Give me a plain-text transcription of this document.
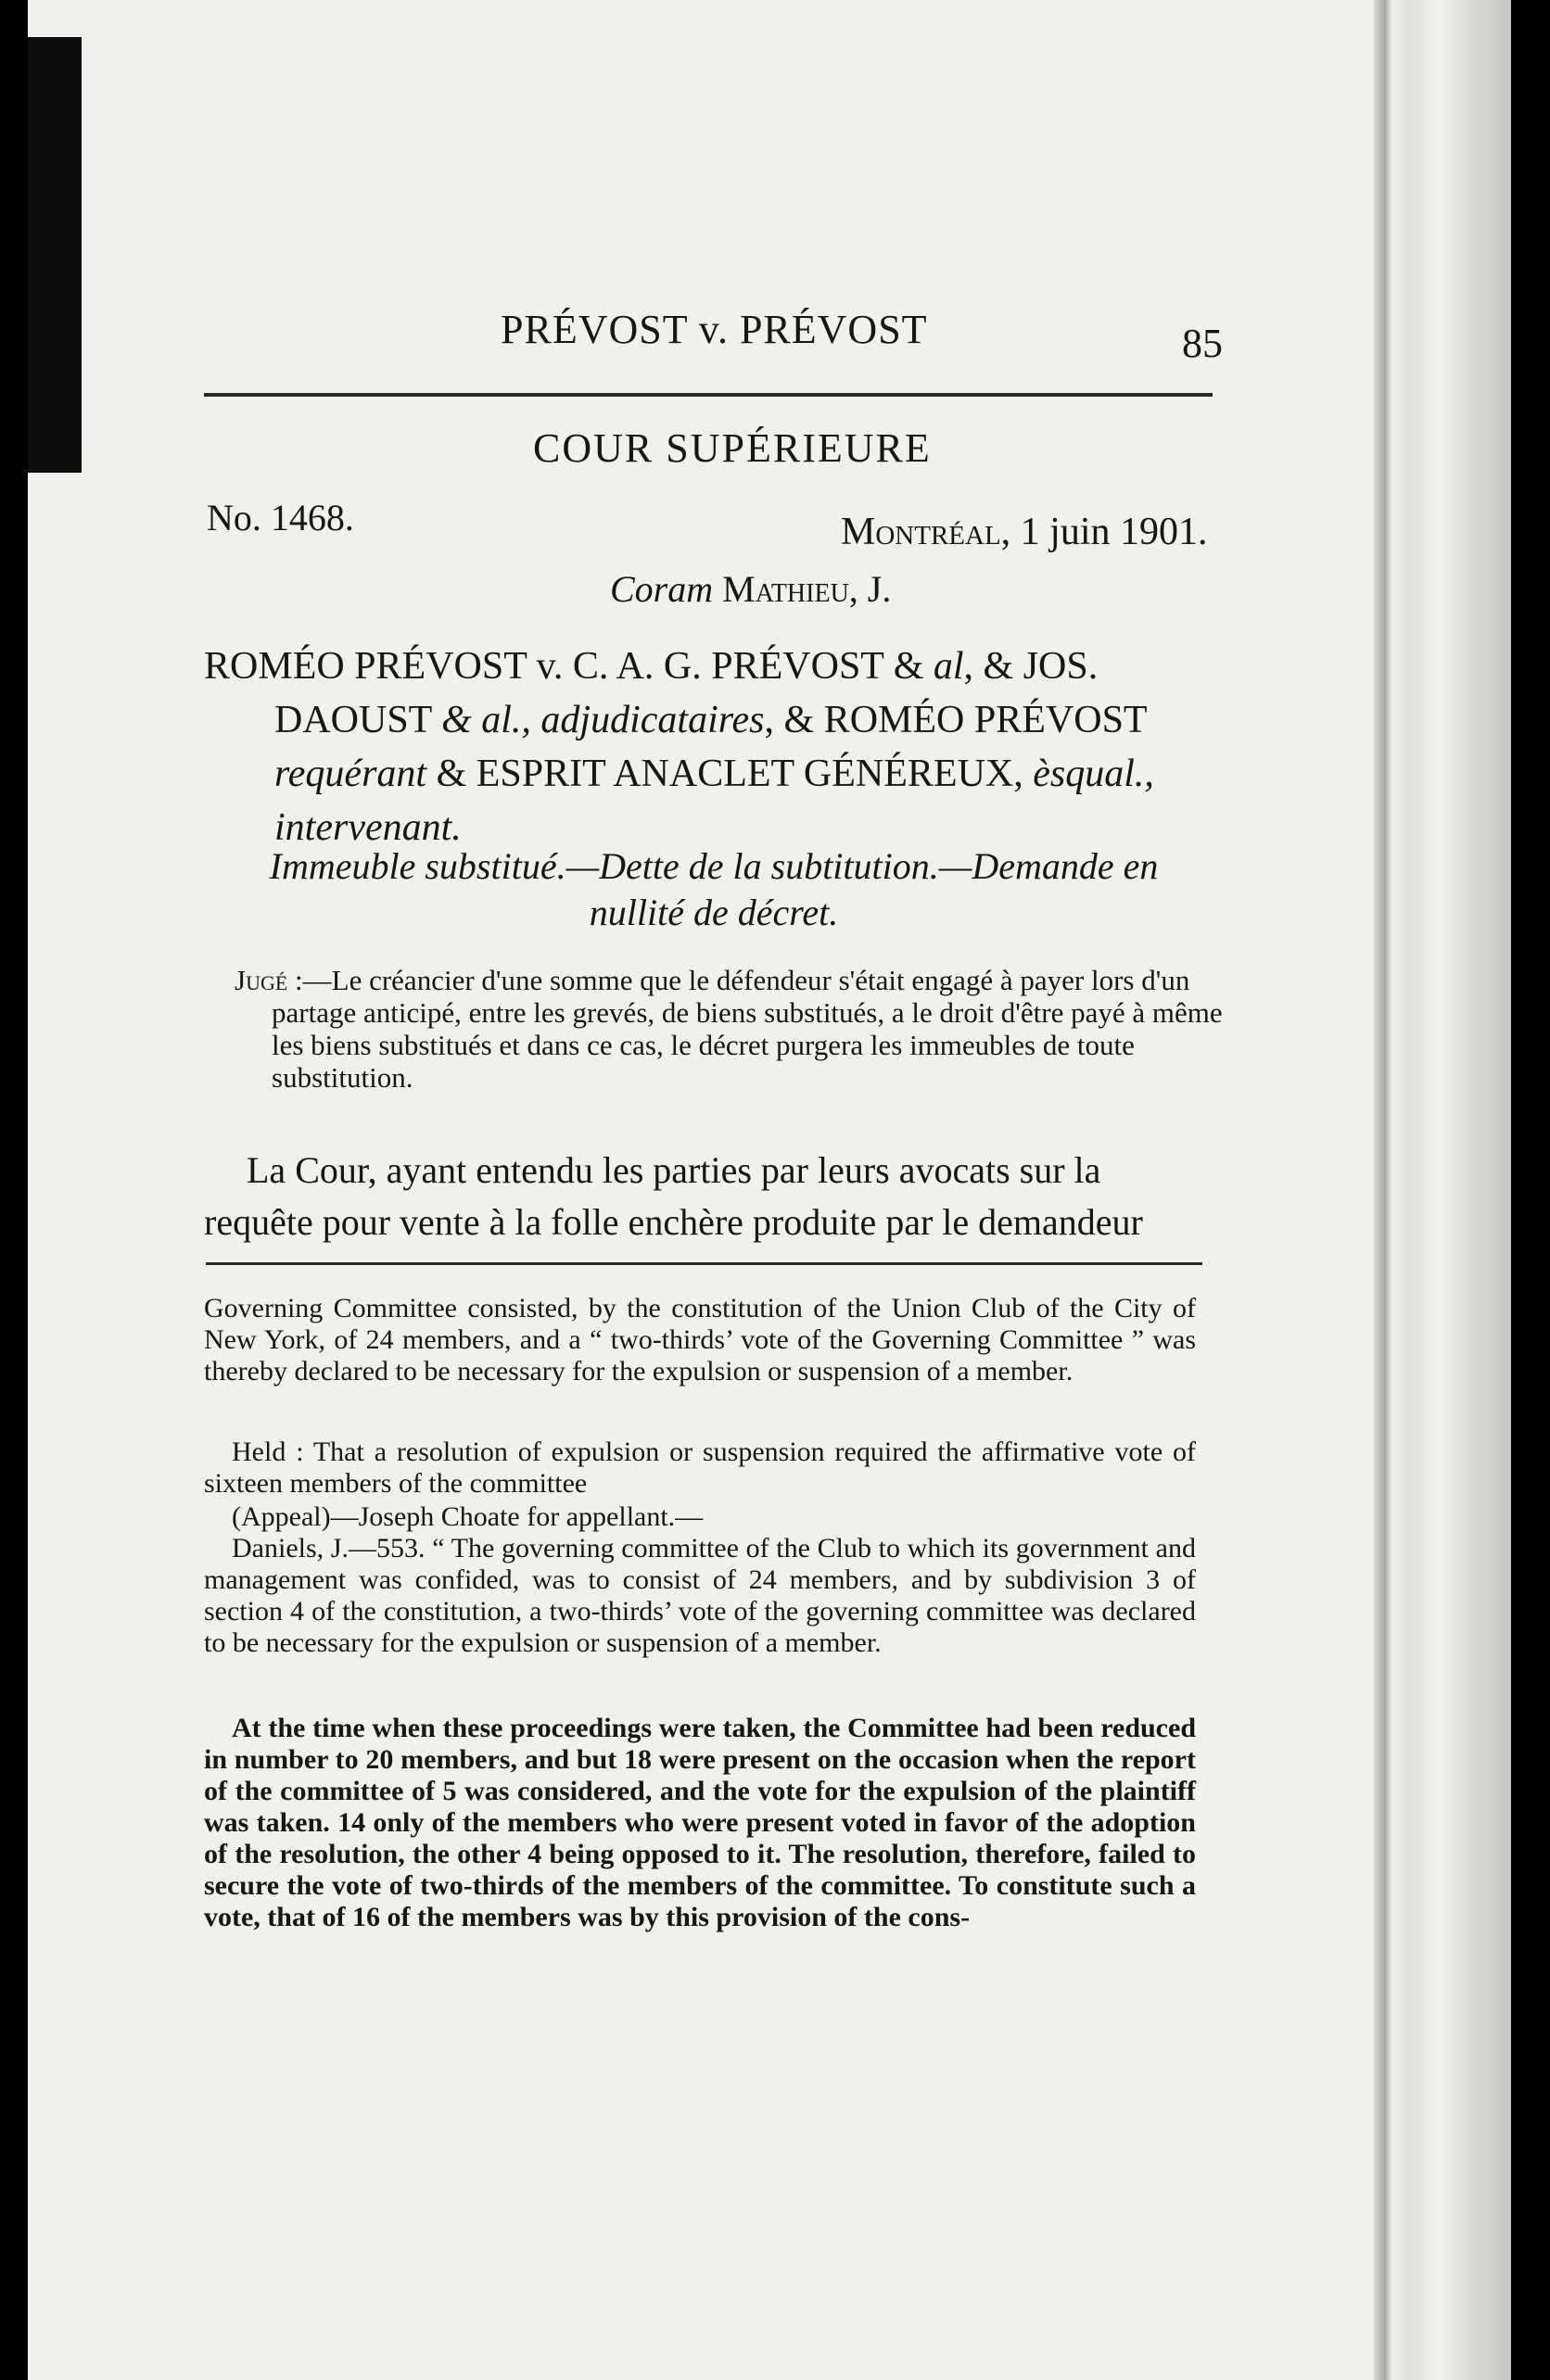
PRÉVOST v. PRÉVOST	85
COUR SUPÉRIEURE
No. 1468.	Montréal, 1 juin 1901.
Coram Mathieu, J.
ROMÉO PRÉVOST v. C. A. G. PRÉVOST & al, & JOS. DAOUST & al., adjudicataires, & ROMÉO PRÉVOST requérant & ESPRIT ANACLET GÉNÉREUX, èsqual., intervenant.
Immeuble substitué.—Dette de la subtitution.—Demande en nullité de décret.
Jugé :—Le créancier d'une somme que le défendeur s'était engagé à payer lors d'un partage anticipé, entre les grevés, de biens substitués, a le droit d'être payé à même les biens substitués et dans ce cas, le décret purgera les immeubles de toute substitution.
La Cour, ayant entendu les parties par leurs avocats sur la requête pour vente à la folle enchère produite par le demandeur
Governing Committee consisted, by the constitution of the Union Club of the City of New York, of 24 members, and a “ two-thirds’ vote of the Governing Committee ” was thereby declared to be necessary for the expulsion or suspension of a member.
Held : That a resolution of expulsion or suspension required the affirmative vote of sixteen members of the committee
(Appeal)—Joseph Choate for appellant.—
Daniels, J.—553. “ The governing committee of the Club to which its government and management was confided, was to consist of 24 members, and by subdivision 3 of section 4 of the constitution, a two-thirds’ vote of the governing committee was declared to be necessary for the expulsion or suspension of a member.
At the time when these proceedings were taken, the Committee had been reduced in number to 20 members, and but 18 were present on the occasion when the report of the committee of 5 was considered, and the vote for the expulsion of the plaintiff was taken. 14 only of the members who were present voted in favor of the adoption of the resolution, the other 4 being opposed to it. The resolution, therefore, failed to secure the vote of two-thirds of the members of the committee. To constitute such a vote, that of 16 of the members was by this provision of the cons-
